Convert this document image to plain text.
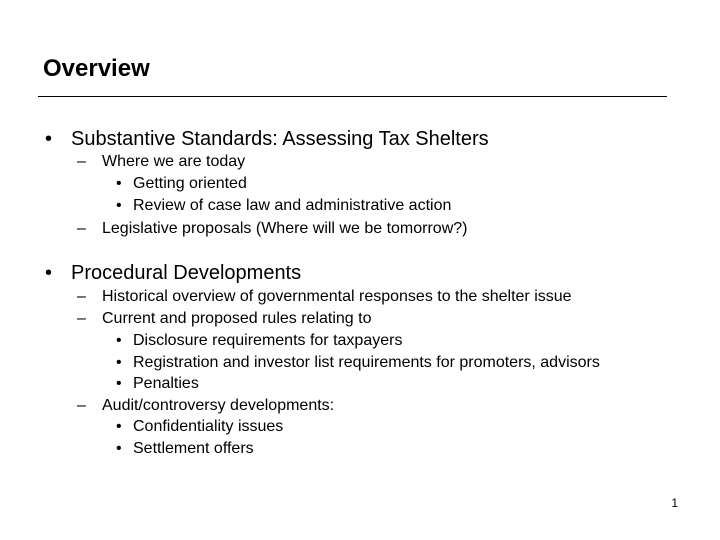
Overview
• Substantive Standards: Assessing Tax Shelters
– Where we are today
• Getting oriented
• Review of case law and administrative action
– Legislative proposals (Where will we be tomorrow?)
• Procedural Developments
– Historical overview of governmental responses to the shelter issue
– Current and proposed rules relating to
• Disclosure requirements for taxpayers
• Registration and investor list requirements for promoters, advisors
• Penalties
– Audit/controversy developments:
• Confidentiality issues
• Settlement offers
1
